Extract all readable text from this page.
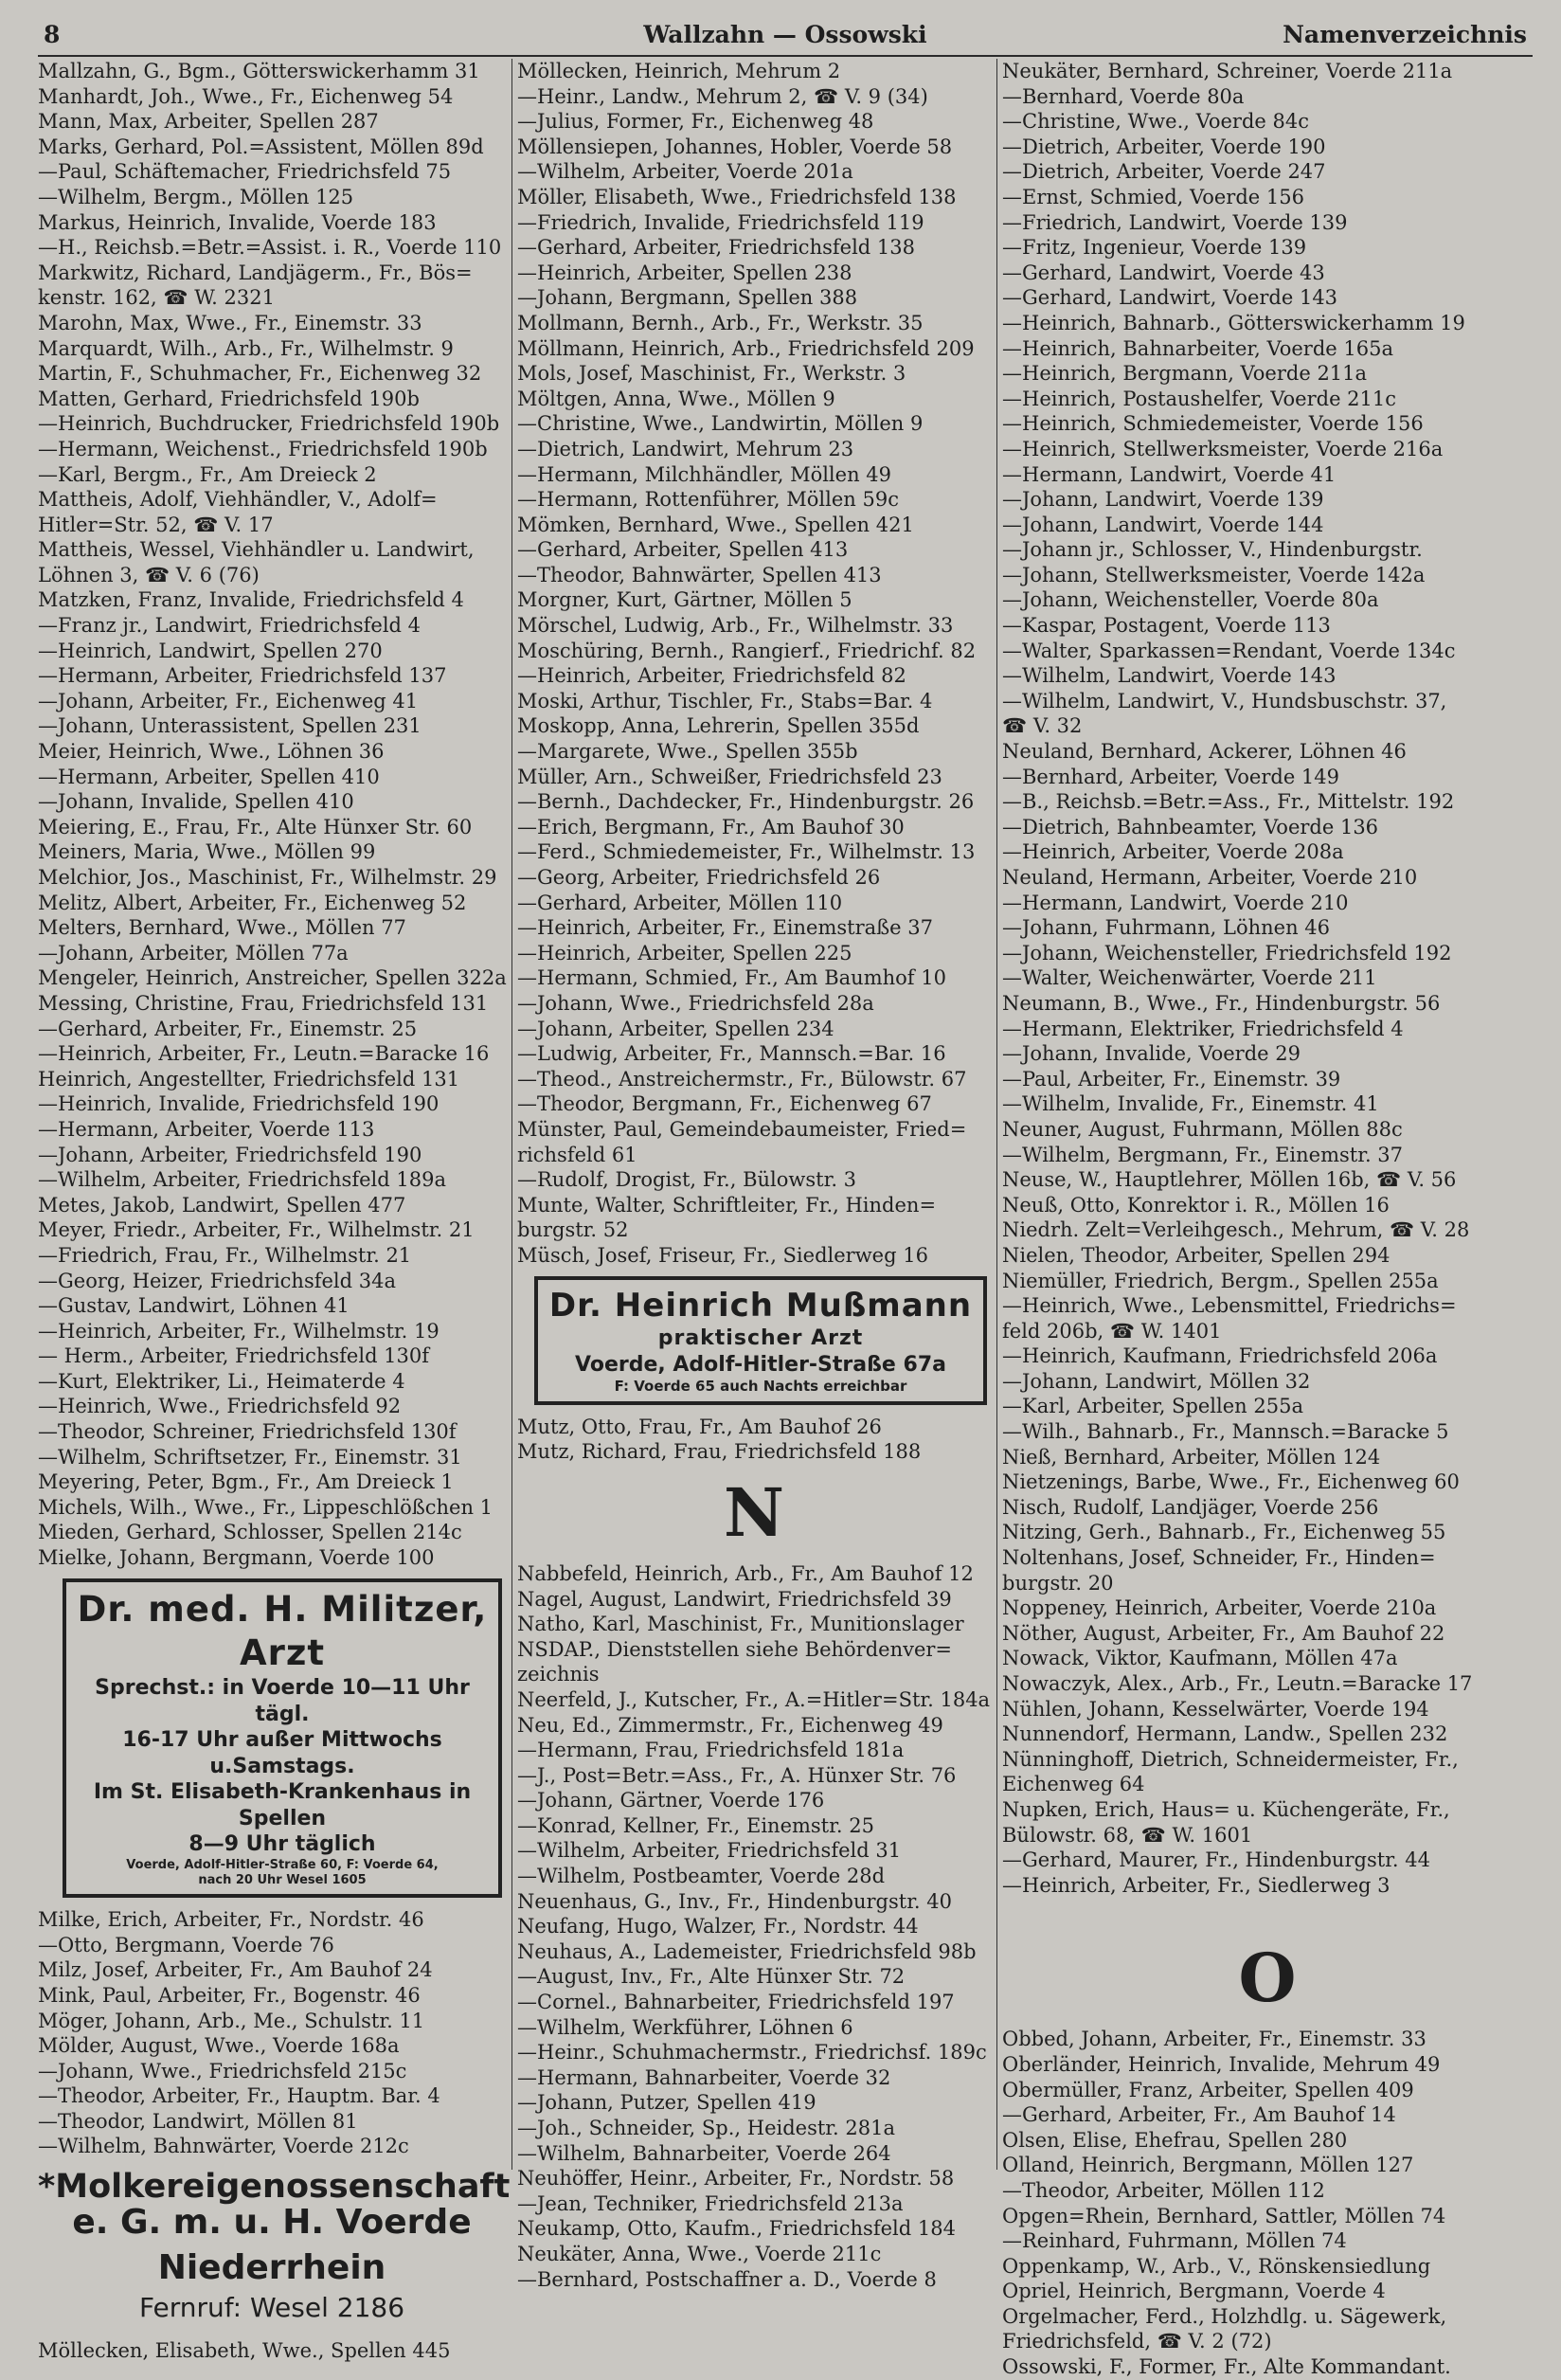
8	Wallzahn — Ossowski	Namenverzeichnis
Mallzahn, G., Bgm., Götterswickerhamm 31
Manhardt, Joh., Wwe., Fr., Eichenweg 54
Mann, Max, Arbeiter, Spellen 287
Marks, Gerhard, Pol.=Assistent, Möllen 89d
—Paul, Schäftemacher, Friedrichsfeld 75
—Wilhelm, Bergm., Möllen 125
Markus, Heinrich, Invalide, Voerde 183
—H., Reichsb.=Betr.=Assist. i. R., Voerde 110
Markwitz, Richard, Landjägerm., Fr., Bös=
kenstr. 162, ☎ W. 2321
Marohn, Max, Wwe., Fr., Einemstr. 33
Marquardt, Wilh., Arb., Fr., Wilhelmstr. 9
Martin, F., Schuhmacher, Fr., Eichenweg 32
Matten, Gerhard, Friedrichsfeld 190b
—Heinrich, Buchdrucker, Friedrichsfeld 190b
—Hermann, Weichenst., Friedrichsfeld 190b
—Karl, Bergm., Fr., Am Dreieck 2
Mattheis, Adolf, Viehhändler, V., Adolf=
Hitler=Str. 52, ☎ V. 17
Mattheis, Wessel, Viehhändler u. Landwirt,
Löhnen 3, ☎ V. 6 (76)
Matzken, Franz, Invalide, Friedrichsfeld 4
—Franz jr., Landwirt, Friedrichsfeld 4
—Heinrich, Landwirt, Spellen 270
—Hermann, Arbeiter, Friedrichsfeld 137
—Johann, Arbeiter, Fr., Eichenweg 41
—Johann, Unterassistent, Spellen 231
Meier, Heinrich, Wwe., Löhnen 36
—Hermann, Arbeiter, Spellen 410
—Johann, Invalide, Spellen 410
Meiering, E., Frau, Fr., Alte Hünxer Str. 60
Meiners, Maria, Wwe., Möllen 99
Melchior, Jos., Maschinist, Fr., Wilhelmstr. 29
Melitz, Albert, Arbeiter, Fr., Eichenweg 52
Melters, Bernhard, Wwe., Möllen 77
—Johann, Arbeiter, Möllen 77a
Mengeler, Heinrich, Anstreicher, Spellen 322a
Messing, Christine, Frau, Friedrichsfeld 131
—Gerhard, Arbeiter, Fr., Einemstr. 25
—Heinrich, Arbeiter, Fr., Leutn.=Baracke 16
Heinrich, Angestellter, Friedrichsfeld 131
—Heinrich, Invalide, Friedrichsfeld 190
—Hermann, Arbeiter, Voerde 113
—Johann, Arbeiter, Friedrichsfeld 190
—Wilhelm, Arbeiter, Friedrichsfeld 189a
Metes, Jakob, Landwirt, Spellen 477
Meyer, Friedr., Arbeiter, Fr., Wilhelmstr. 21
—Friedrich, Frau, Fr., Wilhelmstr. 21
—Georg, Heizer, Friedrichsfeld 34a
—Gustav, Landwirt, Löhnen 41
—Heinrich, Arbeiter, Fr., Wilhelmstr. 19
— Herm., Arbeiter, Friedrichsfeld 130f
—Kurt, Elektriker, Li., Heimaterde 4
—Heinrich, Wwe., Friedrichsfeld 92
—Theodor, Schreiner, Friedrichsfeld 130f
—Wilhelm, Schriftsetzer, Fr., Einemstr. 31
Meyering, Peter, Bgm., Fr., Am Dreieck 1
Michels, Wilh., Wwe., Fr., Lippeschlößchen 1
Mieden, Gerhard, Schlosser, Spellen 214c
Mielke, Johann, Bergmann, Voerde 100
Dr. med. H. Militzer, Arzt
Sprechst.: in Voerde 10—11 Uhr tägl.
16-17 Uhr außer Mittwochs u.Samstags.
Im St. Elisabeth-Krankenhaus in Spellen
8—9 Uhr täglich
Voerde, Adolf-Hitler-Straße 60, F: Voerde 64,
nach 20 Uhr Wesel 1605
Milke, Erich, Arbeiter, Fr., Nordstr. 46
—Otto, Bergmann, Voerde 76
Milz, Josef, Arbeiter, Fr., Am Bauhof 24
Mink, Paul, Arbeiter, Fr., Bogenstr. 46
Möger, Johann, Arb., Me., Schulstr. 11
Mölder, August, Wwe., Voerde 168a
—Johann, Wwe., Friedrichsfeld 215c
—Theodor, Arbeiter, Fr., Hauptm. Bar. 4
—Theodor, Landwirt, Möllen 81
—Wilhelm, Bahnwärter, Voerde 212c
*Molkereigenossenschaft
e. G. m. u. H. Voerde Niederrhein
Fernruf: Wesel 2186
Möllecken, Elisabeth, Wwe., Spellen 445
Möllecken, Heinrich, Mehrum 2
—Heinr., Landw., Mehrum 2, ☎ V. 9 (34)
—Julius, Former, Fr., Eichenweg 48
Möllensiepen, Johannes, Hobler, Voerde 58
—Wilhelm, Arbeiter, Voerde 201a
Möller, Elisabeth, Wwe., Friedrichsfeld 138
—Friedrich, Invalide, Friedrichsfeld 119
—Gerhard, Arbeiter, Friedrichsfeld 138
—Heinrich, Arbeiter, Spellen 238
—Johann, Bergmann, Spellen 388
Mollmann, Bernh., Arb., Fr., Werkstr. 35
Möllmann, Heinrich, Arb., Friedrichsfeld 209
Mols, Josef, Maschinist, Fr., Werkstr. 3
Möltgen, Anna, Wwe., Möllen 9
—Christine, Wwe., Landwirtin, Möllen 9
—Dietrich, Landwirt, Mehrum 23
—Hermann, Milchhändler, Möllen 49
—Hermann, Rottenführer, Möllen 59c
Mömken, Bernhard, Wwe., Spellen 421
—Gerhard, Arbeiter, Spellen 413
—Theodor, Bahnwärter, Spellen 413
Morgner, Kurt, Gärtner, Möllen 5
Mörschel, Ludwig, Arb., Fr., Wilhelmstr. 33
Moschüring, Bernh., Rangierf., Friedrichf. 82
—Heinrich, Arbeiter, Friedrichsfeld 82
Moski, Arthur, Tischler, Fr., Stabs=Bar. 4
Moskopp, Anna, Lehrerin, Spellen 355d
—Margarete, Wwe., Spellen 355b
Müller, Arn., Schweißer, Friedrichsfeld 23
—Bernh., Dachdecker, Fr., Hindenburgstr. 26
—Erich, Bergmann, Fr., Am Bauhof 30
—Ferd., Schmiedemeister, Fr., Wilhelmstr. 13
—Georg, Arbeiter, Friedrichsfeld 26
—Gerhard, Arbeiter, Möllen 110
—Heinrich, Arbeiter, Fr., Einemstraße 37
—Heinrich, Arbeiter, Spellen 225
—Hermann, Schmied, Fr., Am Baumhof 10
—Johann, Wwe., Friedrichsfeld 28a
—Johann, Arbeiter, Spellen 234
—Ludwig, Arbeiter, Fr., Mannsch.=Bar. 16
—Theod., Anstreichermstr., Fr., Bülowstr. 67
—Theodor, Bergmann, Fr., Eichenweg 67
Münster, Paul, Gemeindebaumeister, Fried=
richsfeld 61
—Rudolf, Drogist, Fr., Bülowstr. 3
Munte, Walter, Schriftleiter, Fr., Hinden=
burgstr. 52
Müsch, Josef, Friseur, Fr., Siedlerweg 16
Dr. Heinrich Mußmann
praktischer Arzt
Voerde, Adolf-Hitler-Straße 67a
F: Voerde 65 auch Nachts erreichbar
Mutz, Otto, Frau, Fr., Am Bauhof 26
Mutz, Richard, Frau, Friedrichsfeld 188
N
Nabbefeld, Heinrich, Arb., Fr., Am Bauhof 12
Nagel, August, Landwirt, Friedrichsfeld 39
Natho, Karl, Maschinist, Fr., Munitionslager
NSDAP., Dienststellen siehe Behördenver=
zeichnis
Neerfeld, J., Kutscher, Fr., A.=Hitler=Str. 184a
Neu, Ed., Zimmermstr., Fr., Eichenweg 49
—Hermann, Frau, Friedrichsfeld 181a
—J., Post=Betr.=Ass., Fr., A. Hünxer Str. 76
—Johann, Gärtner, Voerde 176
—Konrad, Kellner, Fr., Einemstr. 25
—Wilhelm, Arbeiter, Friedrichsfeld 31
—Wilhelm, Postbeamter, Voerde 28d
Neuenhaus, G., Inv., Fr., Hindenburgstr. 40
Neufang, Hugo, Walzer, Fr., Nordstr. 44
Neuhaus, A., Lademeister, Friedrichsfeld 98b
—August, Inv., Fr., Alte Hünxer Str. 72
—Cornel., Bahnarbeiter, Friedrichsfeld 197
—Wilhelm, Werkführer, Löhnen 6
—Heinr., Schuhmachermstr., Friedrichsf. 189c
—Hermann, Bahnarbeiter, Voerde 32
—Johann, Putzer, Spellen 419
—Joh., Schneider, Sp., Heidestr. 281a
—Wilhelm, Bahnarbeiter, Voerde 264
Neuhöffer, Heinr., Arbeiter, Fr., Nordstr. 58
—Jean, Techniker, Friedrichsfeld 213a
Neukamp, Otto, Kaufm., Friedrichsfeld 184
Neukäter, Anna, Wwe., Voerde 211c
—Bernhard, Postschaffner a. D., Voerde 8
Neukäter, Bernhard, Schreiner, Voerde 211a
—Bernhard, Voerde 80a
—Christine, Wwe., Voerde 84c
—Dietrich, Arbeiter, Voerde 190
—Dietrich, Arbeiter, Voerde 247
—Ernst, Schmied, Voerde 156
—Friedrich, Landwirt, Voerde 139
—Fritz, Ingenieur, Voerde 139
—Gerhard, Landwirt, Voerde 43
—Gerhard, Landwirt, Voerde 143
—Heinrich, Bahnarb., Götterswickerhamm 19
—Heinrich, Bahnarbeiter, Voerde 165a
—Heinrich, Bergmann, Voerde 211a
—Heinrich, Postaushelfer, Voerde 211c
—Heinrich, Schmiedemeister, Voerde 156
—Heinrich, Stellwerksmeister, Voerde 216a
—Hermann, Landwirt, Voerde 41
—Johann, Landwirt, Voerde 139
—Johann, Landwirt, Voerde 144
—Johann jr., Schlosser, V., Hindenburgstr.
—Johann, Stellwerksmeister, Voerde 142a
—Johann, Weichensteller, Voerde 80a
—Kaspar, Postagent, Voerde 113
—Walter, Sparkassen=Rendant, Voerde 134c
—Wilhelm, Landwirt, Voerde 143
—Wilhelm, Landwirt, V., Hundsbuschstr. 37,
☎ V. 32
Neuland, Bernhard, Ackerer, Löhnen 46
—Bernhard, Arbeiter, Voerde 149
—B., Reichsb.=Betr.=Ass., Fr., Mittelstr. 192
—Dietrich, Bahnbeamter, Voerde 136
—Heinrich, Arbeiter, Voerde 208a
Neuland, Hermann, Arbeiter, Voerde 210
—Hermann, Landwirt, Voerde 210
—Johann, Fuhrmann, Löhnen 46
—Johann, Weichensteller, Friedrichsfeld 192
—Walter, Weichenwärter, Voerde 211
Neumann, B., Wwe., Fr., Hindenburgstr. 56
—Hermann, Elektriker, Friedrichsfeld 4
—Johann, Invalide, Voerde 29
—Paul, Arbeiter, Fr., Einemstr. 39
—Wilhelm, Invalide, Fr., Einemstr. 41
Neuner, August, Fuhrmann, Möllen 88c
—Wilhelm, Bergmann, Fr., Einemstr. 37
Neuse, W., Hauptlehrer, Möllen 16b, ☎ V. 56
Neuß, Otto, Konrektor i. R., Möllen 16
Niedrh. Zelt=Verleihgesch., Mehrum, ☎ V. 28
Nielen, Theodor, Arbeiter, Spellen 294
Niemüller, Friedrich, Bergm., Spellen 255a
—Heinrich, Wwe., Lebensmittel, Friedrichs=
feld 206b, ☎ W. 1401
—Heinrich, Kaufmann, Friedrichsfeld 206a
—Johann, Landwirt, Möllen 32
—Karl, Arbeiter, Spellen 255a
—Wilh., Bahnarb., Fr., Mannsch.=Baracke 5
Nieß, Bernhard, Arbeiter, Möllen 124
Nietzenings, Barbe, Wwe., Fr., Eichenweg 60
Nisch, Rudolf, Landjäger, Voerde 256
Nitzing, Gerh., Bahnarb., Fr., Eichenweg 55
Noltenhans, Josef, Schneider, Fr., Hinden=
burgstr. 20
Noppeney, Heinrich, Arbeiter, Voerde 210a
Nöther, August, Arbeiter, Fr., Am Bauhof 22
Nowack, Viktor, Kaufmann, Möllen 47a
Nowaczyk, Alex., Arb., Fr., Leutn.=Baracke 17
Nühlen, Johann, Kesselwärter, Voerde 194
Nunnendorf, Hermann, Landw., Spellen 232
Nünninghoff, Dietrich, Schneidermeister, Fr.,
Eichenweg 64
Nupken, Erich, Haus= u. Küchengeräte, Fr.,
Bülowstr. 68, ☎ W. 1601
—Gerhard, Maurer, Fr., Hindenburgstr. 44
—Heinrich, Arbeiter, Fr., Siedlerweg 3
O
Obbed, Johann, Arbeiter, Fr., Einemstr. 33
Oberländer, Heinrich, Invalide, Mehrum 49
Obermüller, Franz, Arbeiter, Spellen 409
—Gerhard, Arbeiter, Fr., Am Bauhof 14
Olsen, Elise, Ehefrau, Spellen 280
Olland, Heinrich, Bergmann, Möllen 127
—Theodor, Arbeiter, Möllen 112
Opgen=Rhein, Bernhard, Sattler, Möllen 74
—Reinhard, Fuhrmann, Möllen 74
Oppenkamp, W., Arb., V., Rönskensiedlung
Opriel, Heinrich, Bergmann, Voerde 4
Orgelmacher, Ferd., Holzhdlg. u. Sägewerk,
Friedrichsfeld, ☎ V. 2 (72)
Ossowski, F., Former, Fr., Alte Kommandant.
